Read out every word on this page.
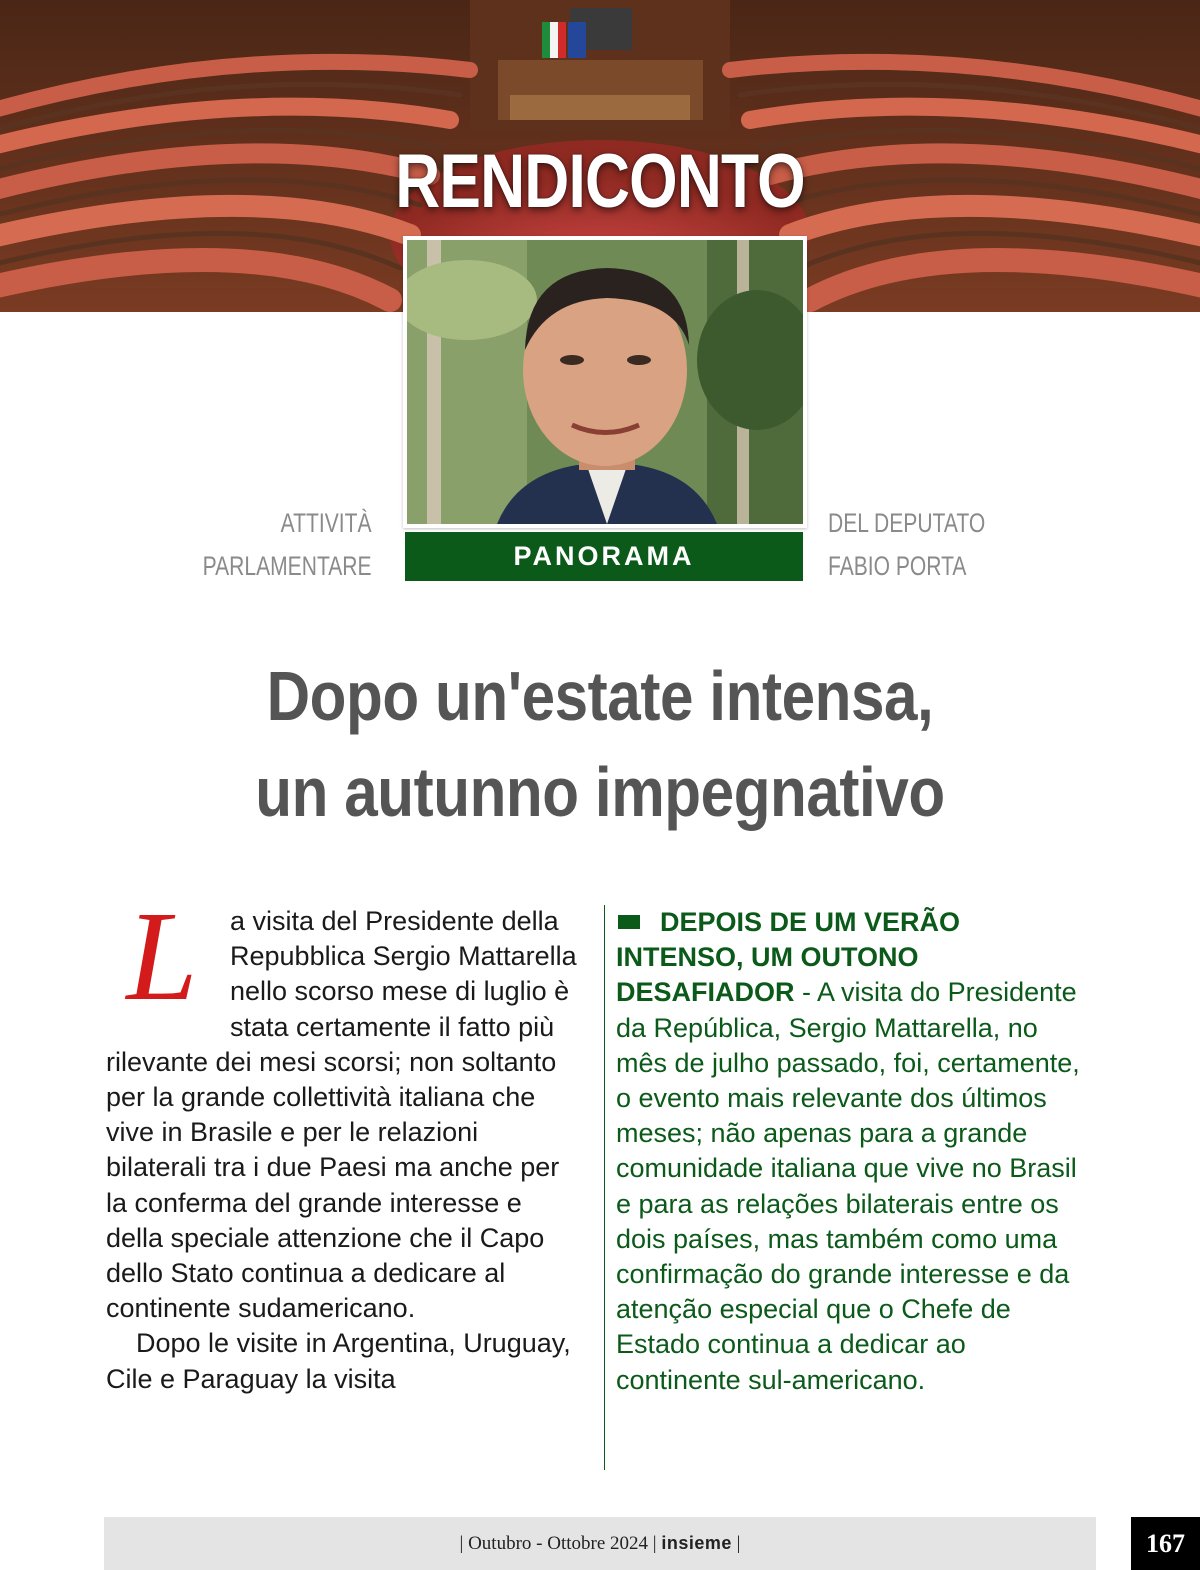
RENDICONTO
PANORAMA
ATTIVITÀ
PARLAMENTARE
DEL DEPUTATO
FABIO PORTA
Dopo un'estate intensa,
un autunno impegnativo
L	a visita del Presidente della Repubblica Sergio Mattarella nello scorso mese di luglio è stata certamente il fatto più rilevante dei mesi scorsi; non soltanto per la grande collettività italiana che vive in Brasile e per le relazioni bilaterali tra i due Paesi ma anche per la conferma del grande interesse e della speciale attenzione che il Capo dello Stato continua a dedicare al continente sudamericano.

Dopo le visite in Argentina, Uruguay, Cile e Paraguay la visita

DEPOIS DE UM VERÃO INTENSO, UM OUTONO DESAFIADOR - A visita do Presidente da República, Sergio Mattarella, no mês de julho passado, foi, certamente, o evento mais relevante dos últimos meses; não apenas para a grande comunidade italiana que vive no Brasil e para as relações bilaterais entre os dois países, mas também como uma confirmação do grande interesse e da atenção especial que o Chefe de Estado continua a dedicar ao continente sul-americano.
| Outubro - Ottobre 2024 | insieme |	167
